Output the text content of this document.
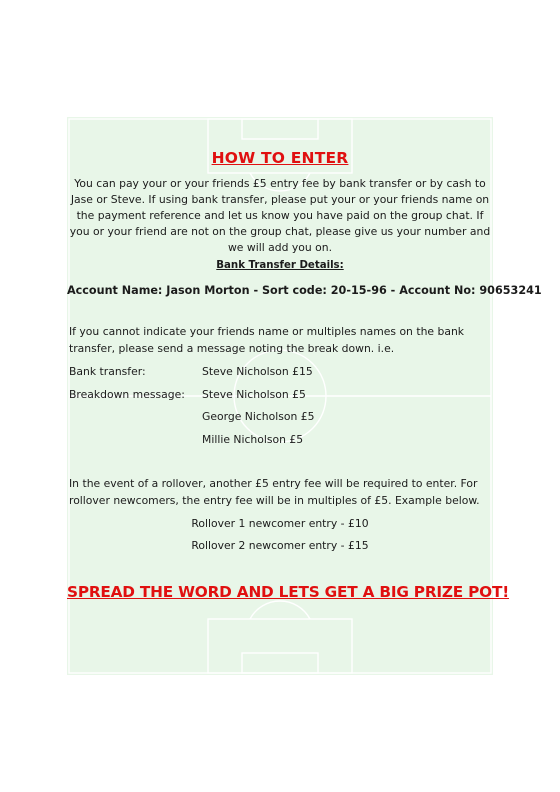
HOW TO ENTER
You can pay your or your friends £5 entry fee by bank transfer or by cash to
Jase or Steve. If using bank transfer, please put your or your friends name on
the payment reference and let us know you have paid on the group chat. If
you or your friend are not on the group chat, please give us your number and
we will add you on.
Bank Transfer Details:
Account Name: Jason Morton - Sort code: 20-15-96 - Account No: 90653241
If you cannot indicate your friends name or multiples names on the bank
transfer, please send a message noting the break down. i.e.
Bank transfer:	Steve Nicholson £15
Breakdown message: Steve Nicholson £5
George Nicholson £5
Millie Nicholson £5
In the event of a rollover, another £5 entry fee will be required to enter. For
rollover newcomers, the entry fee will be in multiples of £5. Example below.
Rollover 1 newcomer entry - £10
Rollover 2 newcomer entry - £15
SPREAD THE WORD AND LETS GET A BIG PRIZE POT!
